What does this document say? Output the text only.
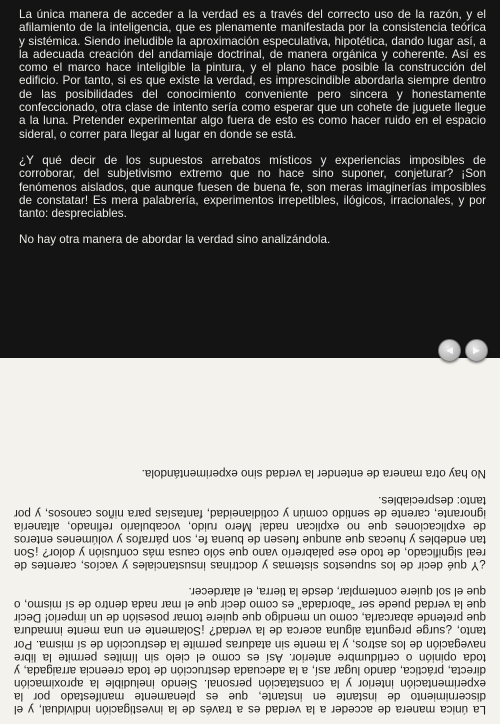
La única manera de acceder a la verdad es a través del correcto uso de la razón, y el afilamiento de la inteligencia, que es plenamente manifestada por la consistencia teórica y sistémica. Siendo ineludible la aproximación especulativa, hipotética, dando lugar así, a la adecuada creación del andamiaje doctrinal, de manera orgánica y coherente. Así es como el marco hace inteligible la pintura, y el plano hace posible la construcción del edificio. Por tanto, si es que existe la verdad, es imprescindible abordarla siempre dentro de las posibilidades del conocimiento conveniente pero sincera y honestamente confeccionado, otra clase de intento sería como esperar que un cohete de juguete llegue a la luna. Pretender experimentar algo fuera de esto es como hacer ruido en el espacio sideral, o correr para llegar al lugar en donde se está.

¿Y qué decir de los supuestos arrebatos místicos y experiencias imposibles de corroborar, del subjetivismo extremo que no hace sino suponer, conjeturar? ¡Son fenómenos aislados, que aunque fuesen de buena fe, son meras imaginerías imposibles de constatar! Es mera palabrería, experimentos irrepetibles, ilógicos, irracionales, y por tanto: despreciables.

No hay otra manera de abordar la verdad sino analizándola.

◀ ▶

La única manera de acceder a la verdad es a través de la investigación individual, y el discernimiento de instante en instante, que es plenamente manifestado por la experimentación interior y la constatación personal. Siendo ineludible la aproximación directa, práctica, dando lugar así, a la adecuada destrucción de toda creencia arraigada, y toda opinión o certidumbre anterior. Así es como el cielo sin límites permite la libre navegación de los astros, y la mente sin ataduras permite la destrucción de sí misma. Por tanto, ¿surge pregunta alguna acerca de la verdad? ¡Solamente en una mente inmadura que pretende abarcarla, como un mendigo que quiere tomar posesión de un imperio! Decir que la verdad puede ser “abordada” es como decir que el mar nada dentro de sí mismo, o que el sol quiere contemplar, desde la tierra, el atardecer.

¿Y qué decir de los supuestos sistemas y doctrinas insustanciales y vacíos, carentes de real significado, de todo ese palabrerío vano que sólo causa más confusión y dolor? ¡Son tan endebles y huecas que aunque fuesen de buena fe, son párrafos y volúmenes enteros de explicaciones que no explican nada! Mero ruido, vocabulario refinado, altanería ignorante, carente de sentido común y cotidianeidad, fantasías para niños canosos, y por tanto: despreciables.

No hay otra manera de entender la verdad sino experimentándola.
